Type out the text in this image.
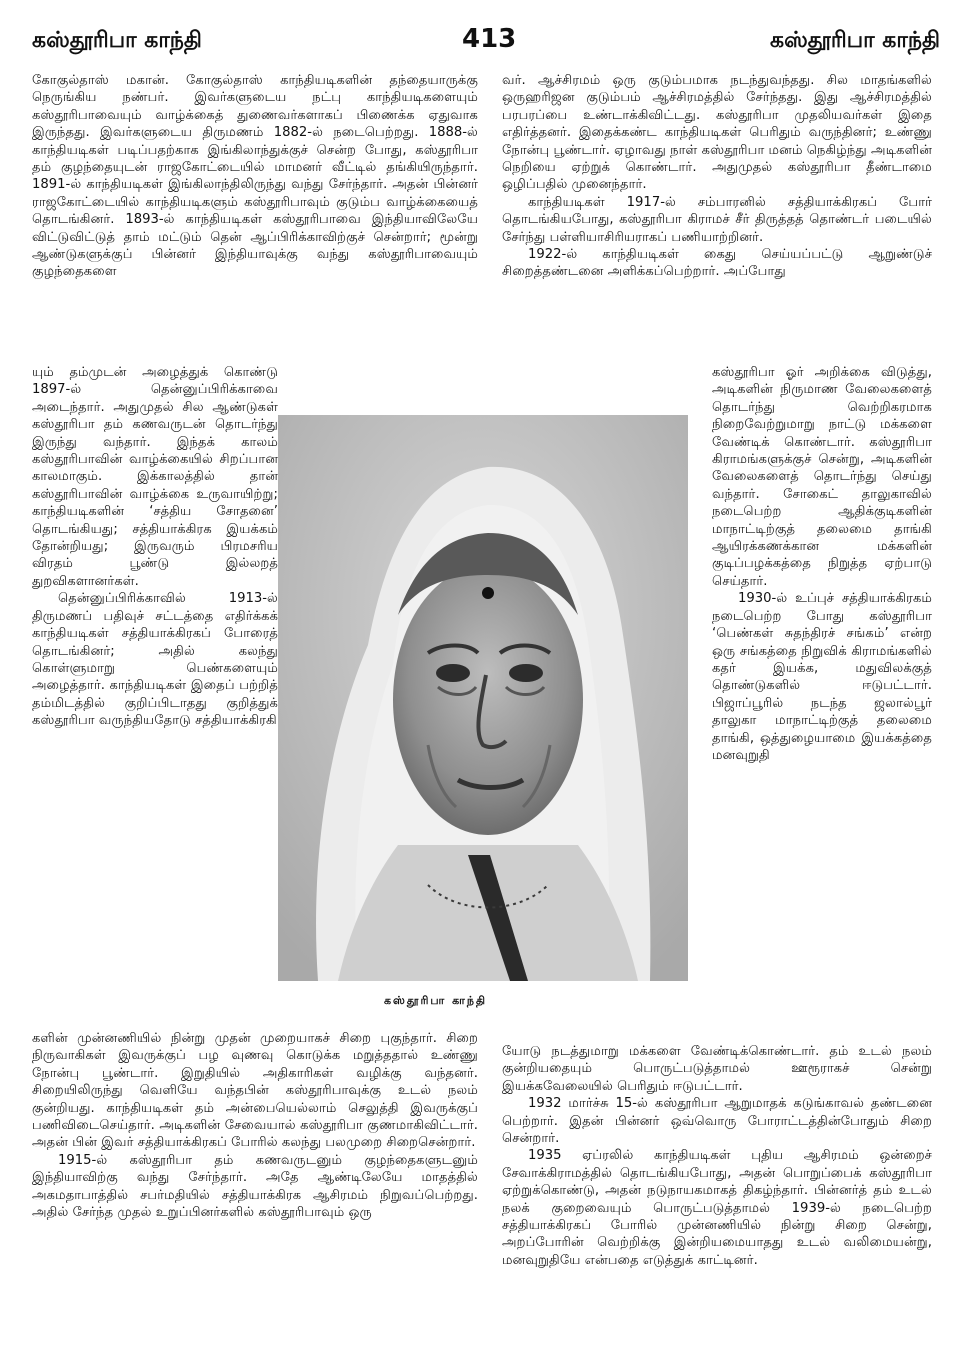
கஸ்தூரிபா காந்தி	413	கஸ்தூரிபா காந்தி

கோகுல்தாஸ் மகான். கோகுல்தாஸ் காந்தியடிகளின் தந்தையாருக்கு நெருங்கிய நண்பர். இவர்களுடைய நட்பு காந்தியடிகளையும் கஸ்தூரிபாவையும் வாழ்க்கைத் துணைவர்களாகப் பிணைக்க ஏதுவாக இருந்தது. இவர்களுடைய திருமணம் 1882-ல் நடைபெற்றது. 1888-ல் காந்தியடிகள் படிப்பதற்காக இங்கிலாந்துக்குச் சென்ற போது, கஸ்தூரிபா தம் குழந்தையுடன் ராஜகோட்டையில் மாமனர் வீட்டில் தங்கியிருந்தார். 1891-ல் காந்தியடிகள் இங்கிலாந்திலிருந்து வந்து சேர்ந்தார். அதன் பின்னர் ராஜகோட்டையில் காந்தியடிகளும் கஸ்தூரிபாவும் குடும்ப வாழ்க்கையைத் தொடங்கினர். 1893-ல் காந்தியடிகள் கஸ்தூரிபாவை இந்தியாவிலேயே விட்டுவிட்டுத் தாம் மட்டும் தென் ஆப்பிரிக்காவிற்குச் சென்றார்; மூன்று ஆண்டுகளுக்குப் பின்னர் இந்தியாவுக்கு வந்து கஸ்தூரிபாவையும் குழந்தைகளை

வர். ஆச்சிரமம் ஒரு குடும்பமாக நடந்துவந்தது. சில மாதங்களில் ஒருஹரிஜன குடும்பம் ஆச்சிரமத்தில் சேர்ந்தது. இது ஆச்சிரமத்தில் பரபரப்பை உண்டாக்கிவிட்டது. கஸ்தூரிபா முதலியவர்கள் இதை எதிர்த்தனர். இதைக்கண்ட காந்தியடிகள் பெரிதும் வருந்தினர்; உண்ணு நோன்பு பூண்டார். ஏழாவது நாள் கஸ்தூரிபா மனம் நெகிழ்ந்து அடிகளின் நெறியை ஏற்றுக் கொண்டார். அதுமுதல் கஸ்தூரிபா தீண்டாமை ஒழிப்பதில் முனைந்தார்.

காந்தியடிகள் 1917-ல் சம்பாரனில் சத்தியாக்கிரகப் போர் தொடங்கியபோது, கஸ்தூரிபா கிராமச் சீர் திருத்தத் தொண்டர் படையில் சேர்ந்து பள்ளியாசிரியராகப் பணியாற்றினர்.

1922-ல் காந்தியடிகள் கைது செய்யப்பட்டு ஆறுண்டுச் சிறைத்தண்டனை அளிக்கப்பெற்றார். அப்போது

யும் தம்முடன் அழைத்துக் கொண்டு 1897-ல் தென்னுப்பிரிக்காவை அடைந்தார். அதுமுதல் சில ஆண்டுகள் கஸ்தூரிபா தம் கணவருடன் தொடர்ந்து இருந்து வந்தார். இந்தக் காலம் கஸ்தூரிபாவின் வாழ்க்கையில் சிறப்பான காலமாகும். இக்காலத்தில் தான் கஸ்தூரிபாவின் வாழ்க்கை உருவாயிற்று; காந்தியடிகளின் ‘சத்திய சோதனை’ தொடங்கியது; சத்தியாக்கிரக இயக்கம் தோன்றியது; இருவரும் பிரமசரிய விரதம் பூண்டு இல்லறத் துறவிகளானர்கள்.

தென்னுப்பிரிக்காவில் 1913-ல் திருமணப் பதிவுச் சட்டத்தை எதிர்க்கக் காந்தியடிகள் சத்தியாக்கிரகப் போரைத் தொடங்கினர்; அதில் கலந்து கொள்ளுமாறு பெண்களையும் அழைத்தார். காந்தியடிகள் இதைப் பற்றித் தம்மிடத்தில் குறிப்பிடாதது குறித்துக் கஸ்தூரிபா வருந்தியதோடு சத்தியாக்கிரகி

கஸ்தூரிபா காந்தி

கஸ்தூரிபா ஓர் அறிக்கை விடுத்து, அடிகளின் நிருமாண வேலைகளைத் தொடர்ந்து வெற்றிகரமாக நிறைவேற்றுமாறு நாட்டு மக்களை வேண்டிக் கொண்டார். கஸ்தூரிபா கிராமங்களுக்குச் சென்று, அடிகளின் வேலைகளைத் தொடர்ந்து செய்து வந்தார். சோகைட் தாலுகாவில் நடைபெற்ற ஆதிக்குடிகளின் மாநாட்டிற்குத் தலைமை தாங்கி ஆயிரக்கணக்கான மக்களின் குடிப்பழக்கத்தை நிறுத்த ஏற்பாடு செய்தார்.

1930-ல் உப்புச் சத்தியாக்கிரகம் நடைபெற்ற போது கஸ்தூரிபா ‘பெண்கள் சுதந்திரச் சங்கம்’ என்ற ஒரு சங்கத்தை நிறுவிக் கிராமங்களில் கதர் இயக்க, மதுவிலக்குத் தொண்டுகளில் ஈடுபட்டார். பிஜாப்பூரில் நடந்த ஜலால்பூர் தாலுகா மாநாட்டிற்குத் தலைமை தாங்கி, ஒத்துழையாமை இயக்கத்தை மனவுறுதி

களின் முன்னணியில் நின்று முதன் முறையாகச் சிறை புகுந்தார். சிறை நிருவாகிகள் இவருக்குப் பழ வுணவு கொடுக்க மறுத்ததால் உண்ணு நோன்பு பூண்டார். இறுதியில் அதிகாரிகள் வழிக்கு வந்தனர். சிறையிலிருந்து வெளியே வந்தபின் கஸ்தூரிபாவுக்கு உடல் நலம் குன்றியது. காந்தியடிகள் தம் அன்பையெல்லாம் செலுத்தி இவருக்குப் பணிவிடைசெய்தார். அடிகளின் சேவையால் கஸ்தூரிபா குணமாகிவிட்டார். அதன் பின் இவர் சத்தியாக்கிரகப் போரில் கலந்து பலமுறை சிறைசென்றார்.

1915-ல் கஸ்தூரிபா தம் கணவருடனும் குழந்தைகளுடனும் இந்தியாவிற்கு வந்து சேர்ந்தார். அதே ஆண்டிலேயே மாதத்தில் அகமதாபாத்தில் சபர்மதியில் சத்தியாக்கிரக ஆசிரமம் நிறுவப்பெற்றது. அதில் சேர்ந்த முதல் உறுப்பினர்களில் கஸ்தூரிபாவும் ஒரு

யோடு நடத்துமாறு மக்களை வேண்டிக்கொண்டார். தம் உடல் நலம் குன்றியதையும் பொருட்படுத்தாமல் ஊரூராகச் சென்று இயக்கவேலையில் பெரிதும் ஈடுபட்டார்.

1932 மார்ச்சு 15-ல் கஸ்தூரிபா ஆறுமாதக் கடுங்காவல் தண்டனை பெற்றார். இதன் பின்னர் ஒவ்வொரு போராட்டத்தின்போதும் சிறை சென்றார்.

1935 ஏப்ரலில் காந்தியடிகள் புதிய ஆசிரமம் ஒன்றைச் சேவாக்கிராமத்தில் தொடங்கியபோது, அதன் பொறுப்பைக் கஸ்தூரிபா ஏற்றுக்கொண்டு, அதன் நடுநாயகமாகத் திகழ்ந்தார். பின்னர்த் தம் உடல் நலக் குறைவையும் பொருட்படுத்தாமல் 1939-ல் நடைபெற்ற சத்தியாக்கிரகப் போரில் முன்னணியில் நின்று சிறை சென்று, அறப்போரின் வெற்றிக்கு இன்றியமையாதது உடல் வலிமையன்று, மனவுறுதியே என்பதை எடுத்துக் காட்டினர்.
